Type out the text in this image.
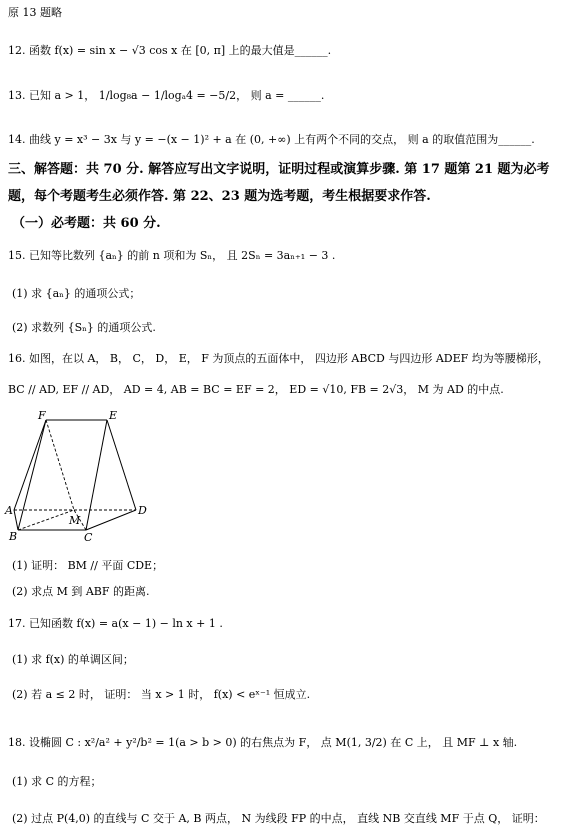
原 13 题略
12. 函数 f(x) = sin x − √3 cos x 在 [0, π] 上的最大值是______.
13. 已知 a > 1， 1/log₈a − 1/logₐ4 = −5/2， 则 a = ______.
14. 曲线 y = x³ − 3x 与 y = −(x − 1)² + a 在 (0, +∞) 上有两个不同的交点， 则 a 的取值范围为______.
三、解答题：共 70 分. 解答应写出文字说明，证明过程或演算步骤. 第 17 题第 21 题为必考
题，每个考题考生必须作答. 第 22、23 题为选考题，考生根据要求作答.
（一）必考题：共 60 分.
15. 已知等比数列 {aₙ} 的前 n 项和为 Sₙ， 且 2Sₙ = 3aₙ₊₁ − 3 .
(1) 求 {aₙ} 的通项公式；
(2) 求数列 {Sₙ} 的通项公式.
16. 如图，在以 A， B， C， D， E， F 为顶点的五面体中， 四边形 ABCD 与四边形 ADEF 均为等腰梯形，
BC // AD, EF // AD， AD = 4, AB = BC = EF = 2， ED = √10, FB = 2√3， M 为 AD 的中点.
F	E
A
M
D
B	C
(1) 证明： BM // 平面 CDE；
(2) 求点 M 到 ABF 的距离.
17. 已知函数 f(x) = a(x − 1) − ln x + 1 .
(1) 求 f(x) 的单调区间；
(2) 若 a ≤ 2 时， 证明： 当 x > 1 时， f(x) < eˣ⁻¹ 恒成立.
18. 设椭圆 C : x²/a² + y²/b² = 1(a > b > 0) 的右焦点为 F， 点 M(1, 3/2) 在 C 上， 且 MF ⊥ x 轴.
(1) 求 C 的方程；
(2) 过点 P(4,0) 的直线与 C 交于 A, B 两点， N 为线段 FP 的中点， 直线 NB 交直线 MF 于点 Q， 证明：
